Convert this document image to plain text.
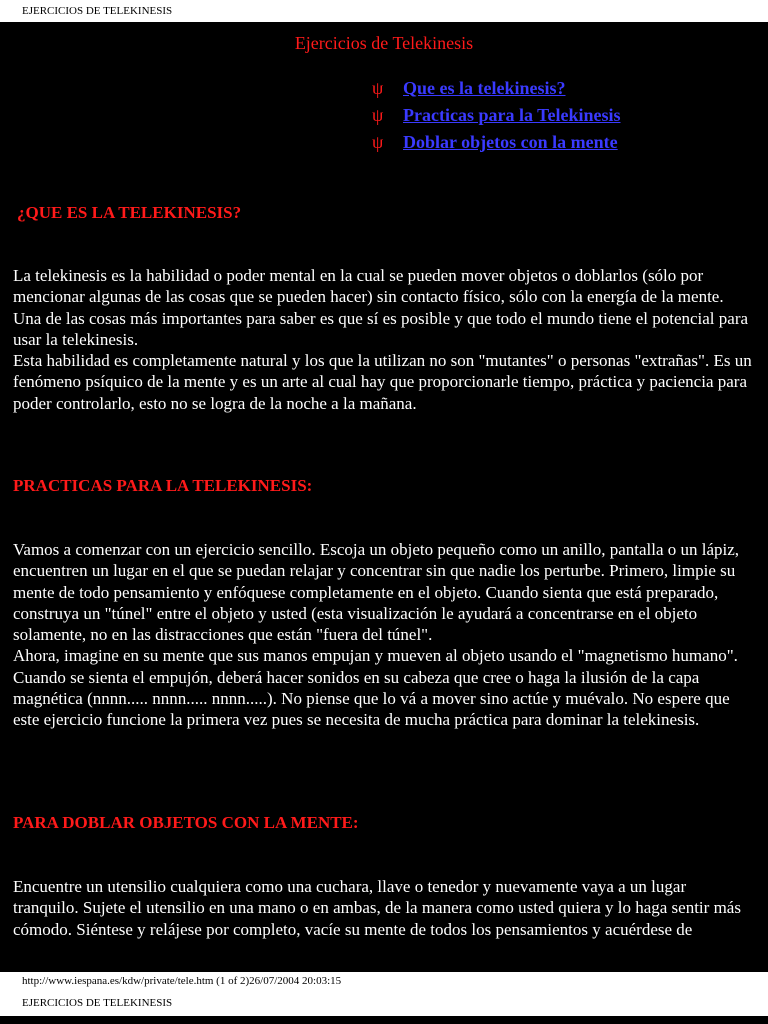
EJERCICIOS DE TELEKINESIS
Ejercicios de Telekinesis
ψ Que es la telekinesis?
ψ Practicas para la Telekinesis
ψ Doblar objetos con la mente
¿QUE ES LA TELEKINESIS?

La telekinesis es la habilidad o poder mental en la cual se pueden mover objetos o doblarlos (sólo por mencionar algunas de las cosas que se pueden hacer) sin contacto físico, sólo con la energía de la mente. Una de las cosas más importantes para saber es que sí es posible y que todo el mundo tiene el potencial para usar la telekinesis.

Esta habilidad es completamente natural y los que la utilizan no son "mutantes" o personas "extrañas". Es un fenómeno psíquico de la mente y es un arte al cual hay que proporcionarle tiempo, práctica y paciencia para poder controlarlo, esto no se logra de la noche a la mañana.

PRACTICAS PARA LA TELEKINESIS:

Vamos a comenzar con un ejercicio sencillo. Escoja un objeto pequeño como un anillo, pantalla o un lápiz, encuentren un lugar en el que se puedan relajar y concentrar sin que nadie los perturbe. Primero, limpie su mente de todo pensamiento y enfóquese completamente en el objeto. Cuando sienta que está preparado, construya un "túnel" entre el objeto y usted (esta visualización le ayudará a concentrarse en el objeto solamente, no en las distracciones que están "fuera del túnel".

Ahora, imagine en su mente que sus manos empujan y mueven al objeto usando el "magnetismo humano". Cuando se sienta el empujón, deberá hacer sonidos en su cabeza que cree o haga la ilusión de la capa magnética (nnnn..... nnnn..... nnnn.....). No piense que lo vá a mover sino actúe y muévalo. No espere que este ejercicio funcione la primera vez pues se necesita de mucha práctica para dominar la telekinesis.

PARA DOBLAR OBJETOS CON LA MENTE:

Encuentre un utensilio cualquiera como una cuchara, llave o tenedor y nuevamente vaya a un lugar tranquilo. Sujete el utensilio en una mano o en ambas, de la manera como usted quiera y lo haga sentir más cómodo. Siéntese y relájese por completo, vacíe su mente de todos los pensamientos y acuérdese de

http://www.iespana.es/kdw/private/tele.htm (1 of 2)26/07/2004 20:03:15
EJERCICIOS DE TELEKINESIS
